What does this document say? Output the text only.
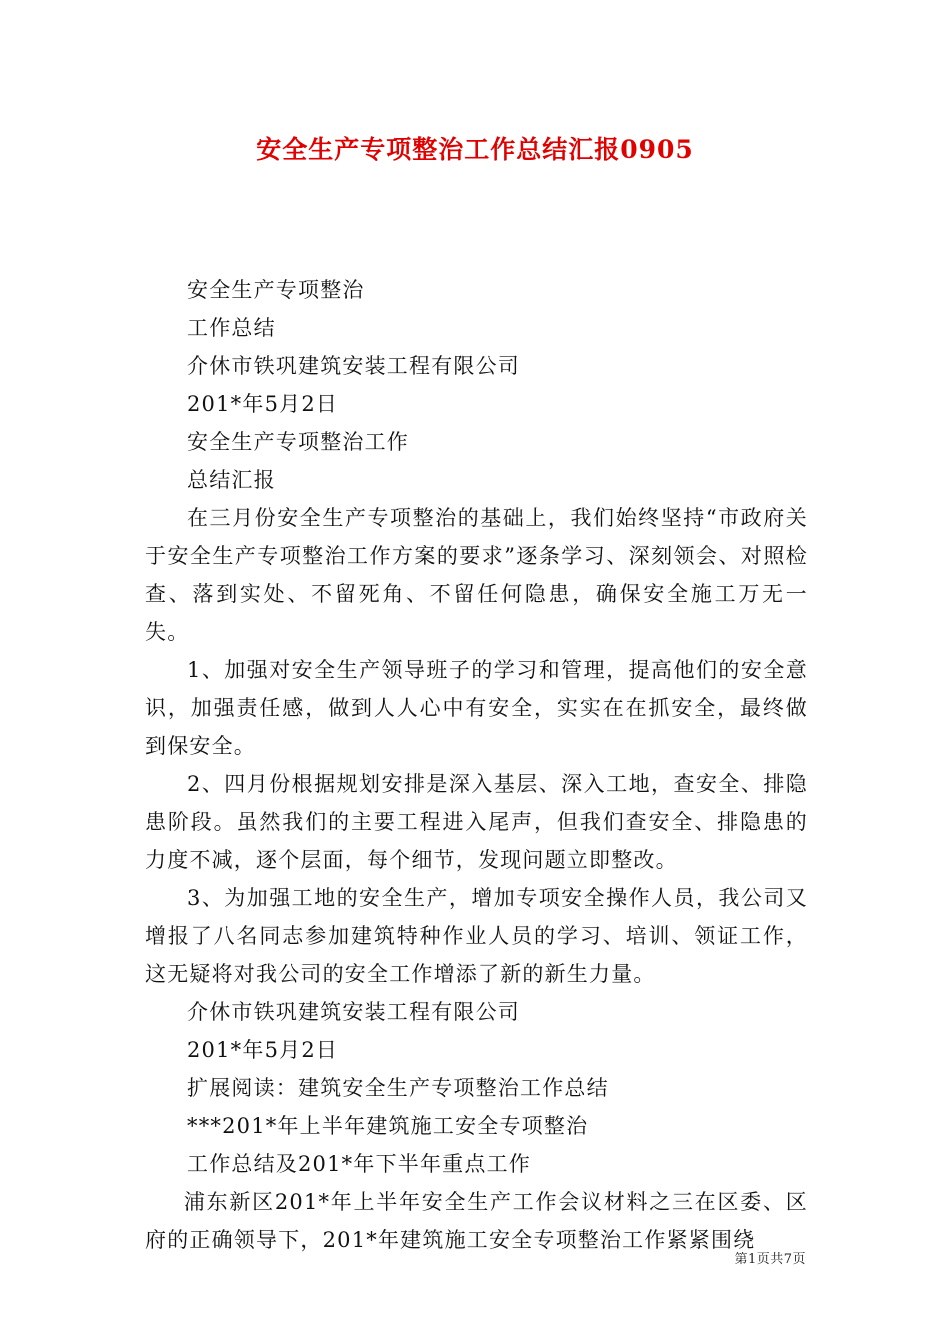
安全生产专项整治工作总结汇报0905

安全生产专项整治

工作总结

介休市铁巩建筑安装工程有限公司

201*年5月2日

安全生产专项整治工作

总结汇报

在三月份安全生产专项整治的基础上，我们始终坚持“市政府关于安全生产专项整治工作方案的要求”逐条学习、深刻领会、对照检查、落到实处、不留死角、不留任何隐患，确保安全施工万无一失。

1、加强对安全生产领导班子的学习和管理，提高他们的安全意识，加强责任感，做到人人心中有安全，实实在在抓安全，最终做到保安全。

2、四月份根据规划安排是深入基层、深入工地，查安全、排隐患阶段。虽然我们的主要工程进入尾声，但我们查安全、排隐患的力度不减，逐个层面，每个细节，发现问题立即整改。

3、为加强工地的安全生产，增加专项安全操作人员，我公司又增报了八名同志参加建筑特种作业人员的学习、培训、领证工作，这无疑将对我公司的安全工作增添了新的新生力量。

介休市铁巩建筑安装工程有限公司

201*年5月2日

扩展阅读：建筑安全生产专项整治工作总结

***201*年上半年建筑施工安全专项整治

工作总结及201*年下半年重点工作

浦东新区201*年上半年安全生产工作会议材料之三在区委、区府的正确领导下，201*年建筑施工安全专项整治工作紧紧围绕

第1页共7页
